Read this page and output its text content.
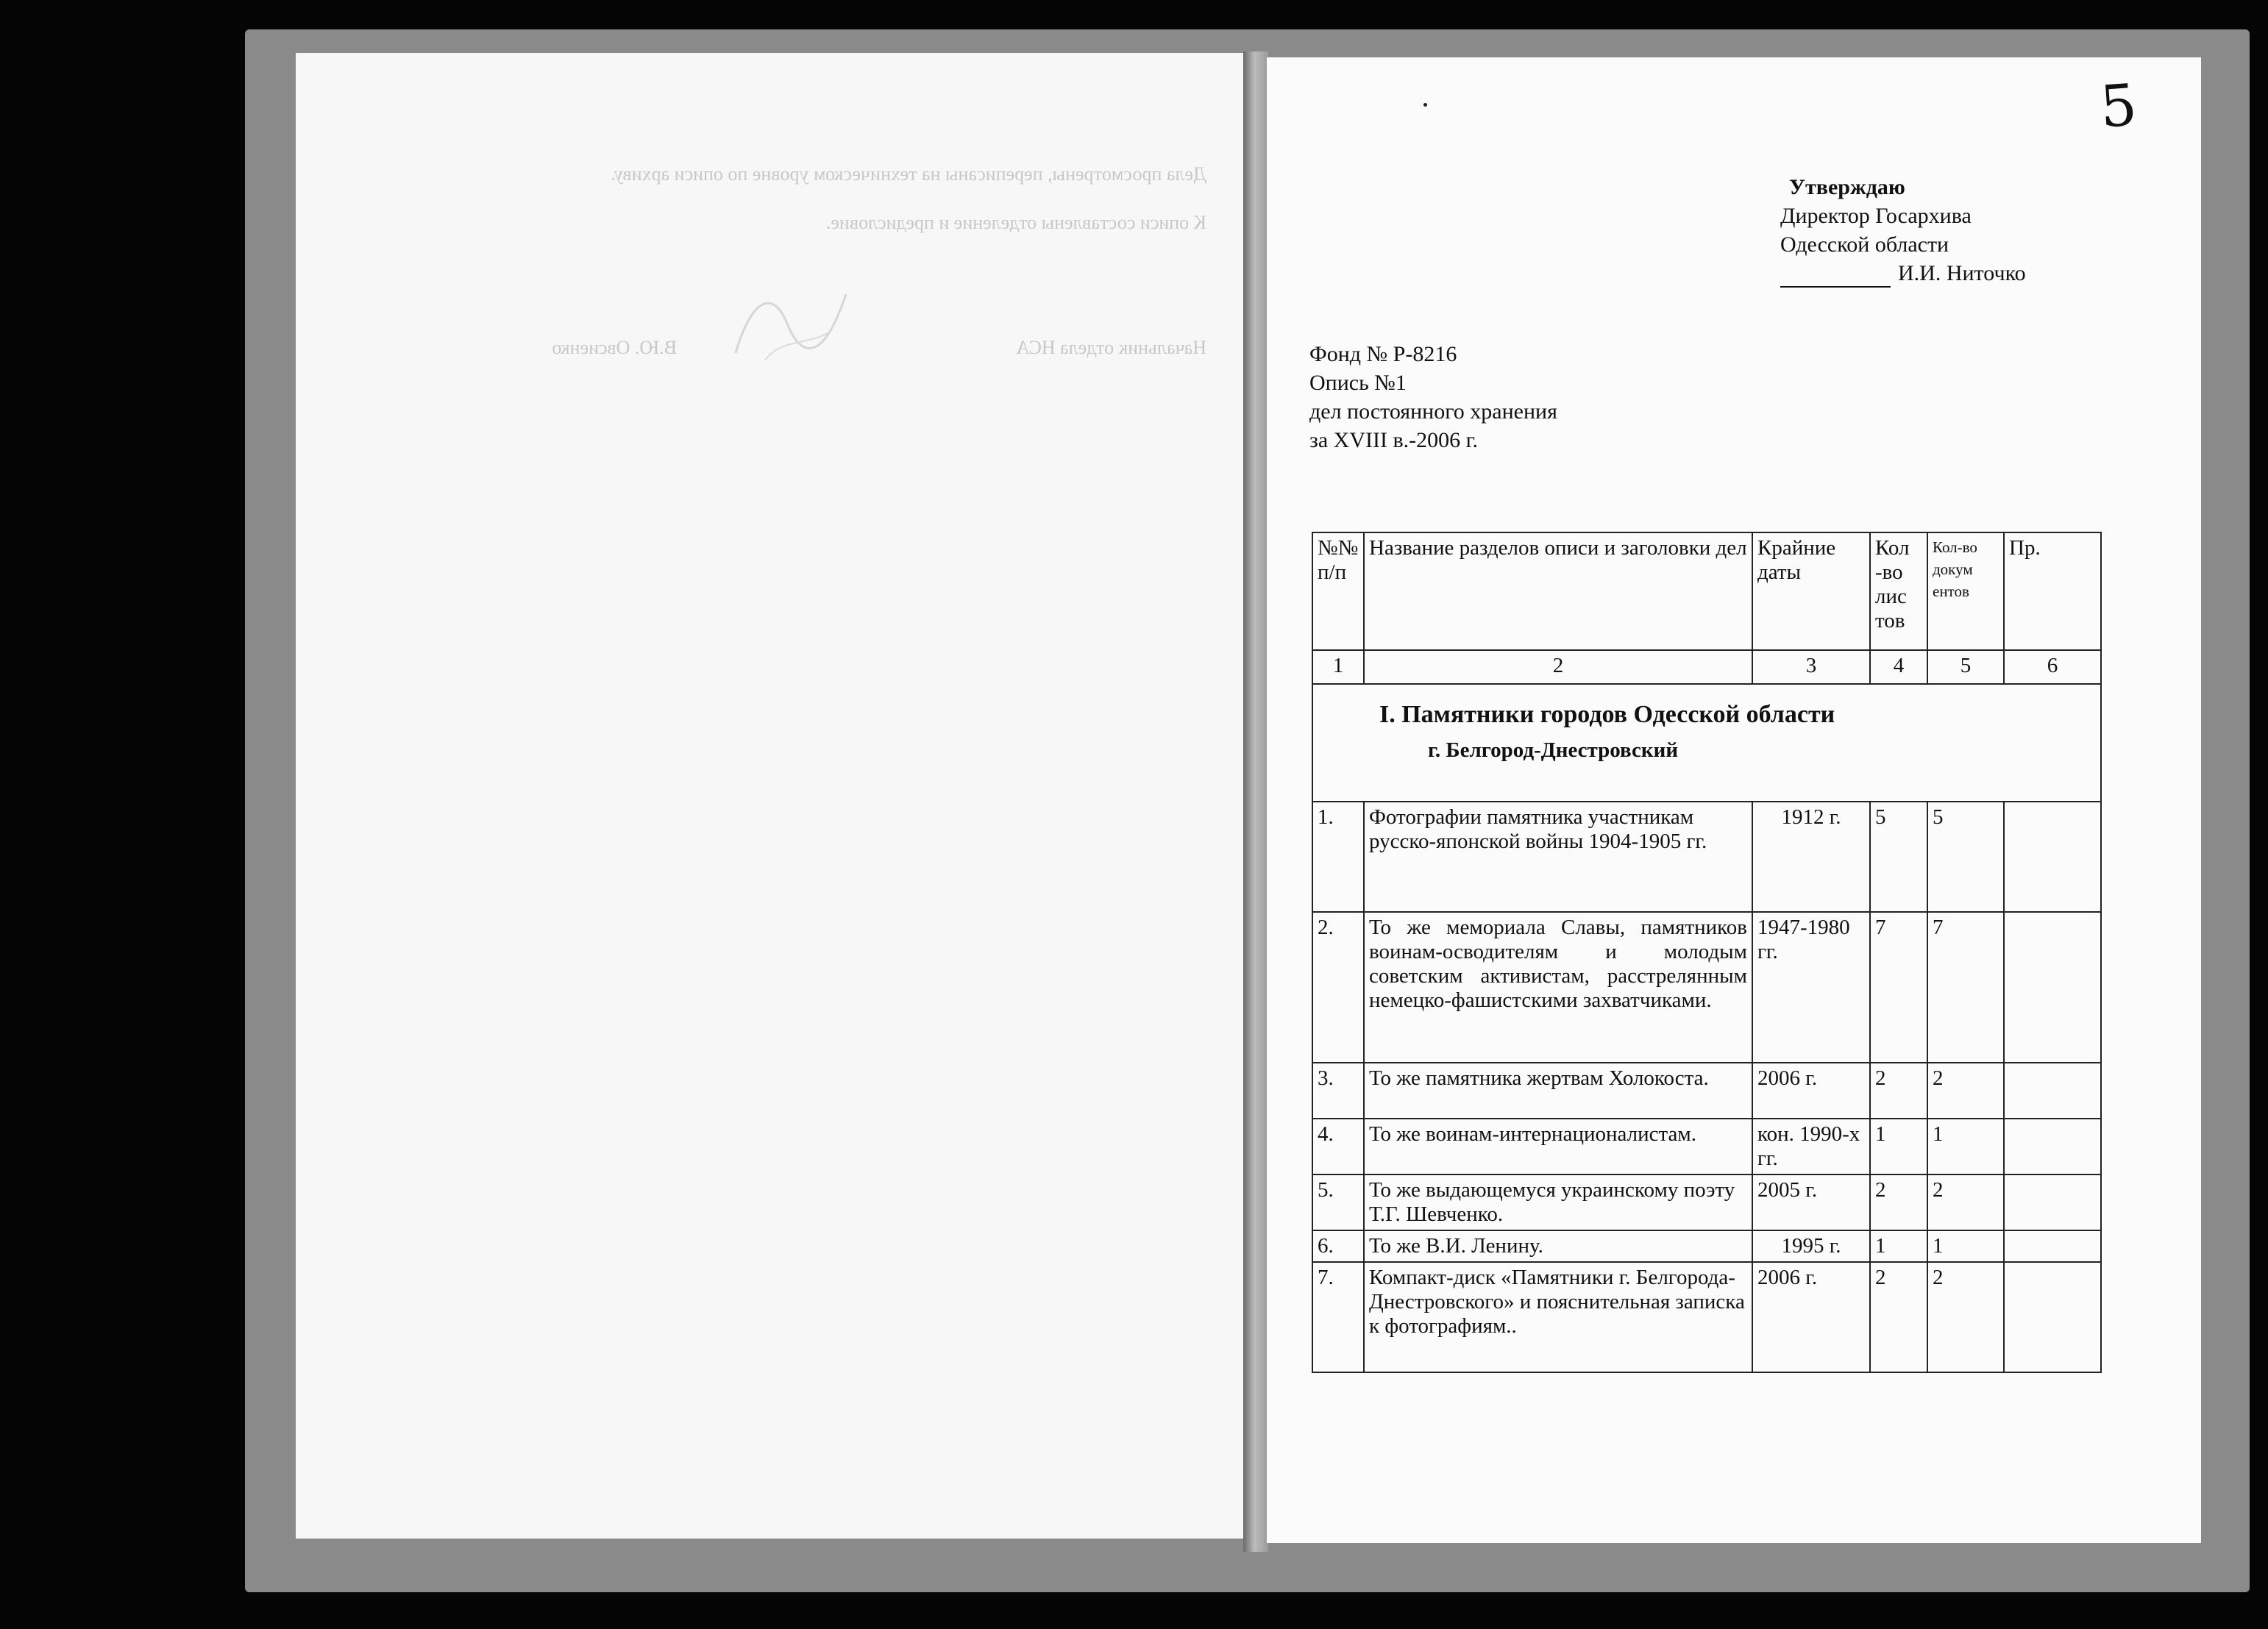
Дела просмотрены, переписаны на техническом уровне по описи архиву.
К описи составлены отделение и предисловие.
Начальник отдела НСА
В.Ю. Овсиенко
5
Утверждаю
Директор Госархива
Одесской области
И.И. Ниточко
Фонд № Р-8216
Опись №1
дел постоянного хранения
за XVIII в.-2006 г.
№№ п/п	Название разделов описи и заголовки дел	Крайние даты	Кол -во лис тов	Кол-во докум ентов	Пр.
1	2	3	4	5	6

I. Памятники городов Одесской области
г. Белгород-Днестровский					

1.	Фотографии памятника участникам русско-японской войны 1904-1905 гг.	1912 г.	5	5	
2.	То же мемориала Славы, памятников воинам-осводителям и молодым советским активистам, расстрелянным немецко-фашистскими захватчиками.	1947-1980 гг.	7	7	
3.	То же памятника жертвам Холокоста.	2006 г.	2	2	
4.	То же воинам-интернационалистам.	кон. 1990-х гг.	1	1	
5.	То же выдающемуся украинскому поэту Т.Г. Шевченко.	2005 г.	2	2	
6.	То же В.И. Ленину.	1995 г.	1	1	
7.	Компакт-диск «Памятники г. Белгорода-Днестровского» и пояснительная записка к фотографиям..	2006 г.	2	2	
